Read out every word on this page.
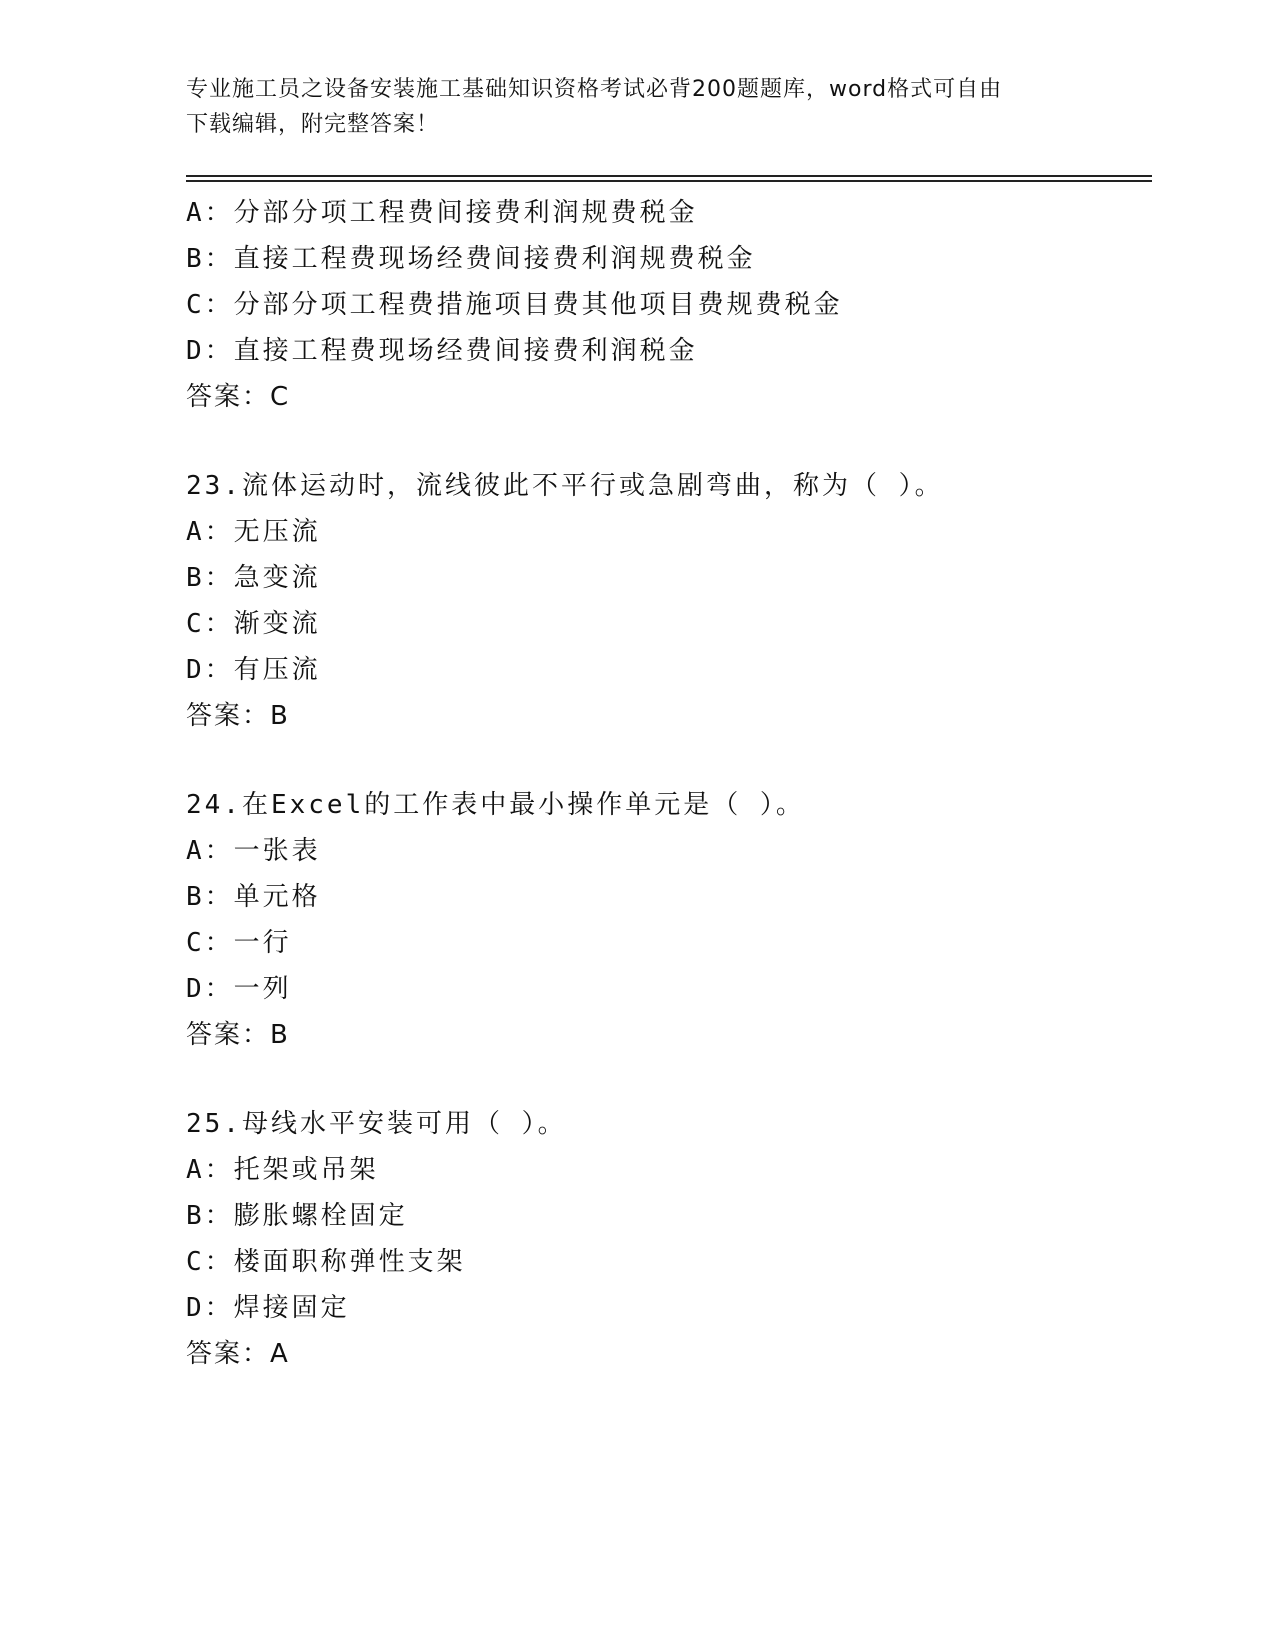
专业施工员之设备安装施工基础知识资格考试必背200题题库，word格式可自由
下载编辑，附完整答案！
A：分部分项工程费间接费利润规费税金
B：直接工程费现场经费间接费利润规费税金
C：分部分项工程费措施项目费其他项目费规费税金
D：直接工程费现场经费间接费利润税金
答案：C
23.流体运动时，流线彼此不平行或急剧弯曲，称为（ ）。
A：无压流
B：急变流
C：渐变流
D：有压流
答案：B
24.在Excel的工作表中最小操作单元是（ ）。
A：一张表
B：单元格
C：一行
D：一列
答案：B
25.母线水平安装可用（ ）。
A：托架或吊架
B：膨胀螺栓固定
C：楼面职称弹性支架
D：焊接固定
答案：A
